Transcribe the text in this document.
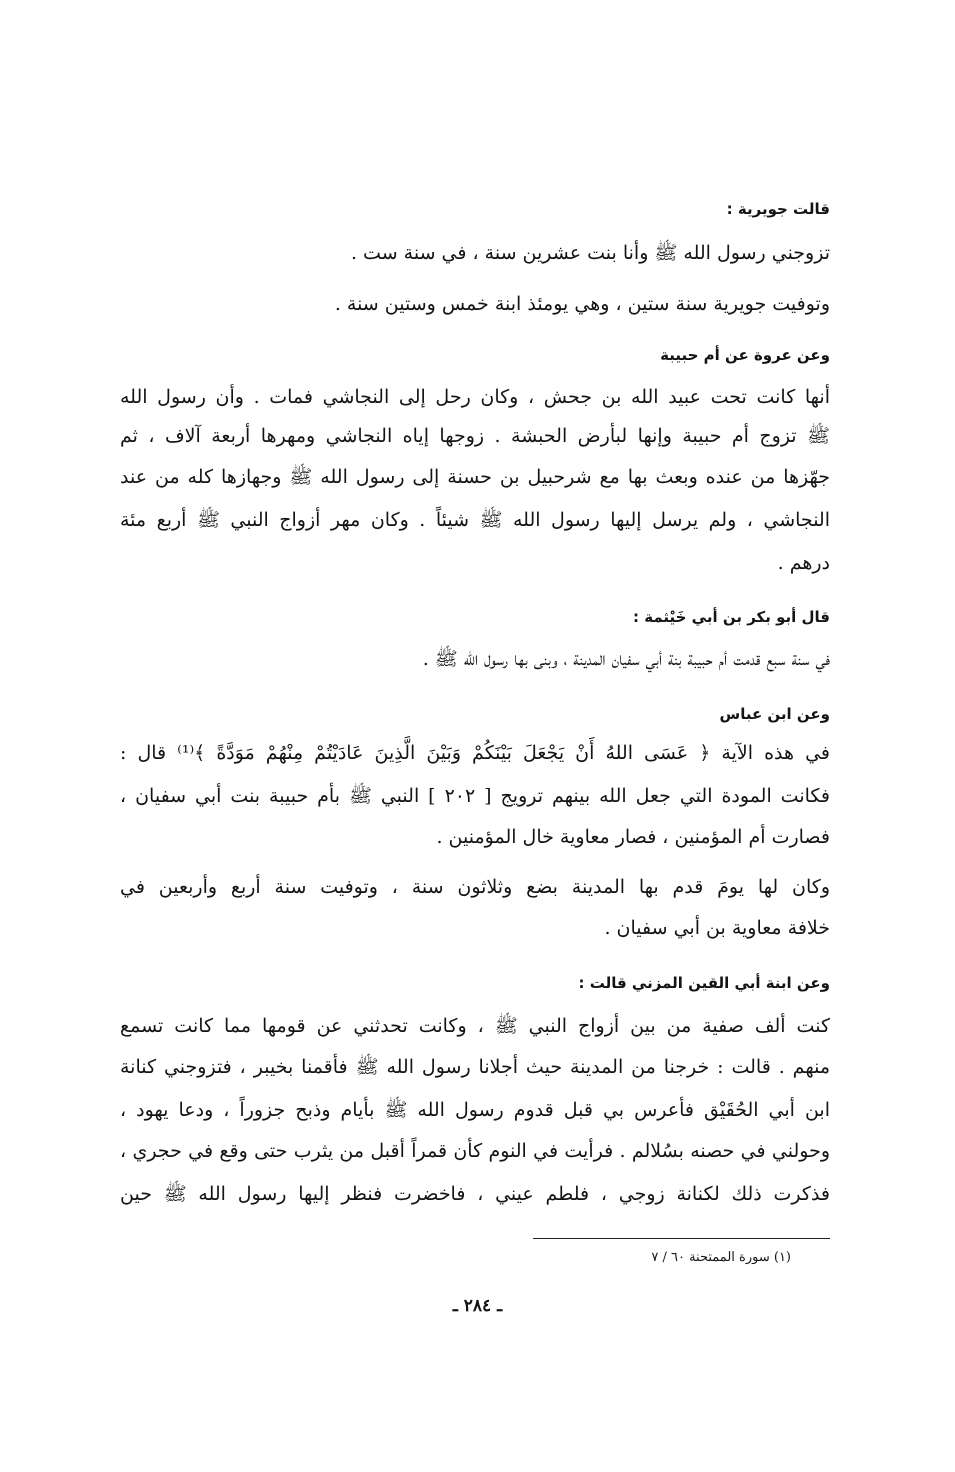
قالت جويرية :
تزوجني رسول الله ﷺ وأنا بنت عشرين سنة ، في سنة ست .
وتوفيت جويرية سنة ستين ، وهي يومئذ ابنة خمس وستين سنة .
وعن عروة عن أم حبيبة
أنها كانت تحت عبيد الله بن جحش ، وكان رحل إلى النجاشي فمات . وأن رسول الله
ﷺ تزوج أم حبيبة وإنها لبأرض الحبشة . زوجها إياه النجاشي ومهرها أربعة آلاف ، ثم
جهّزها من عنده وبعث بها مع شرحبيل بن حسنة إلى رسول الله ﷺ وجهازها كله من عند
النجاشي ، ولم يرسل إليها رسول الله ﷺ شيئاً . وكان مهر أزواج النبي ﷺ أربع مئة
درهم .
قال أبو بكر بن أبي خَيْثمة :
في سنة سبع قدمت أم حبيبة بنة أبي سفيان المدينة ، وبنى بها رسول الله ﷺ .
وعن ابن عباس
في هذه الآية ﴿ عَسَى اللهُ أَنْ يَجْعَلَ بَيْنَكُمْ وَبَيْنَ الَّذِينَ عَادَيْتُمْ مِنْهُمْ مَوَدَّةً ﴾⁽¹⁾ قال :
فكانت المودة التي جعل الله بينهم ترويج [ ٢٠٢ ] النبي ﷺ بأم حبيبة بنت أبي سفيان ،
فصارت أم المؤمنين ، فصار معاوية خال المؤمنين .
وكان لها يومَ قدم بها المدينة بضع وثلاثون سنة ، وتوفيت سنة أربع وأربعين في
خلافة معاوية بن أبي سفيان .
وعن ابنة أبي القين المزني قالت :
كنت ألف صفية من بين أزواج النبي ﷺ ، وكانت تحدثني عن قومها مما كانت تسمع
منهم . قالت : خرجنا من المدينة حيث أجلانا رسول الله ﷺ فأقمنا بخيبر ، فتزوجني كنانة
ابن أبي الحُقَيْق فأعرس بي قبل قدوم رسول الله ﷺ بأيام وذبح جزوراً ، ودعا يهود ،
وحولني في حصنه بسُلالم . فرأيت في النوم كأن قمراً أقبل من يثرب حتى وقع في حجري ،
فذكرت ذلك لكنانة زوجي ، فلطم عيني ، فاخضرت فنظر إليها رسول الله ﷺ حين
(١) سورة الممتحنة ٦٠ / ٧
ـ ٢٨٤ ـ
